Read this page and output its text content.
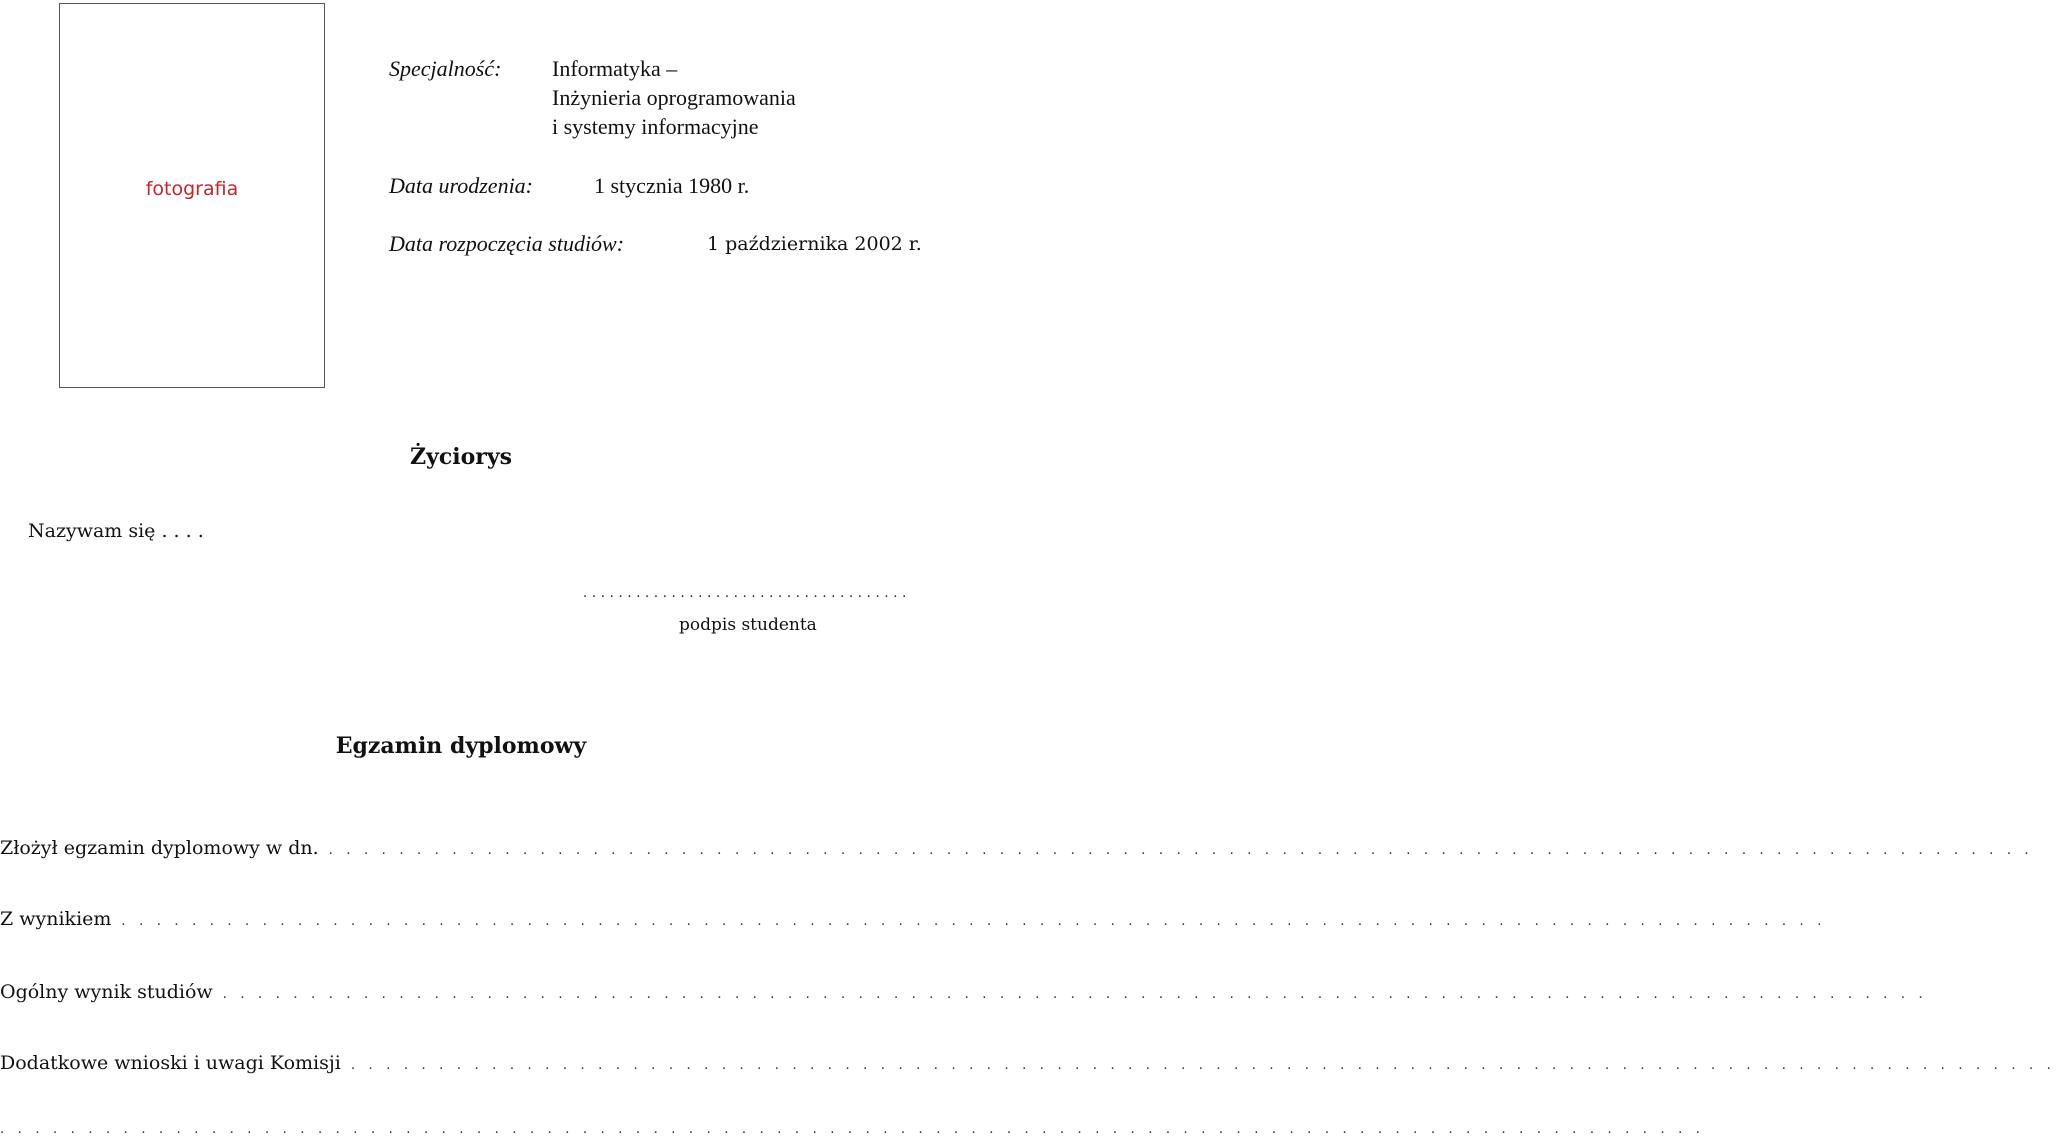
fotografia
Specjalność: Informatyka –
Inżynieria oprogramowania
i systemy informacyjne
Data urodzenia:	1 stycznia 1980 r.
Data rozpoczęcia studiów:	1 października 2002 r.
Życiorys
Nazywam się . . . .
. . . . . . . . . . . . . . . . . . . . . . . . . . . . . . . . . . . . .
podpis studenta
Egzamin dyplomowy
Złożył egzamin dyplomowy w dn. . . . . . . . . . . . . . . . . . . . . . . . . . . . . . . . . . . . . . . . . . . . . . . . . . . . . . . . . . . . . . . . . . . . . . . . . . . . . . . . . . . . . . . . . . . . . . . . . .
Z wynikiem . . . . . . . . . . . . . . . . . . . . . . . . . . . . . . . . . . . . . . . . . . . . . . . . . . . . . . . . . . . . . . . . . . . . . . . . . . . . . . . . . . . . . . . . . . . . . . . . .
Ogólny wynik studiów . . . . . . . . . . . . . . . . . . . . . . . . . . . . . . . . . . . . . . . . . . . . . . . . . . . . . . . . . . . . . . . . . . . . . . . . . . . . . . . . . . . . . . . . . . . . . . . . .
Dodatkowe wnioski i uwagi Komisji . . . . . . . . . . . . . . . . . . . . . . . . . . . . . . . . . . . . . . . . . . . . . . . . . . . . . . . . . . . . . . . . . . . . . . . . . . . . . . . . . . . . . . . . . . . . . . . . .
. . . . . . . . . . . . . . . . . . . . . . . . . . . . . . . . . . . . . . . . . . . . . . . . . . . . . . . . . . . . . . . . . . . . . . . . . . . . . . . . . . . . . . . . . . . . . . . . .
